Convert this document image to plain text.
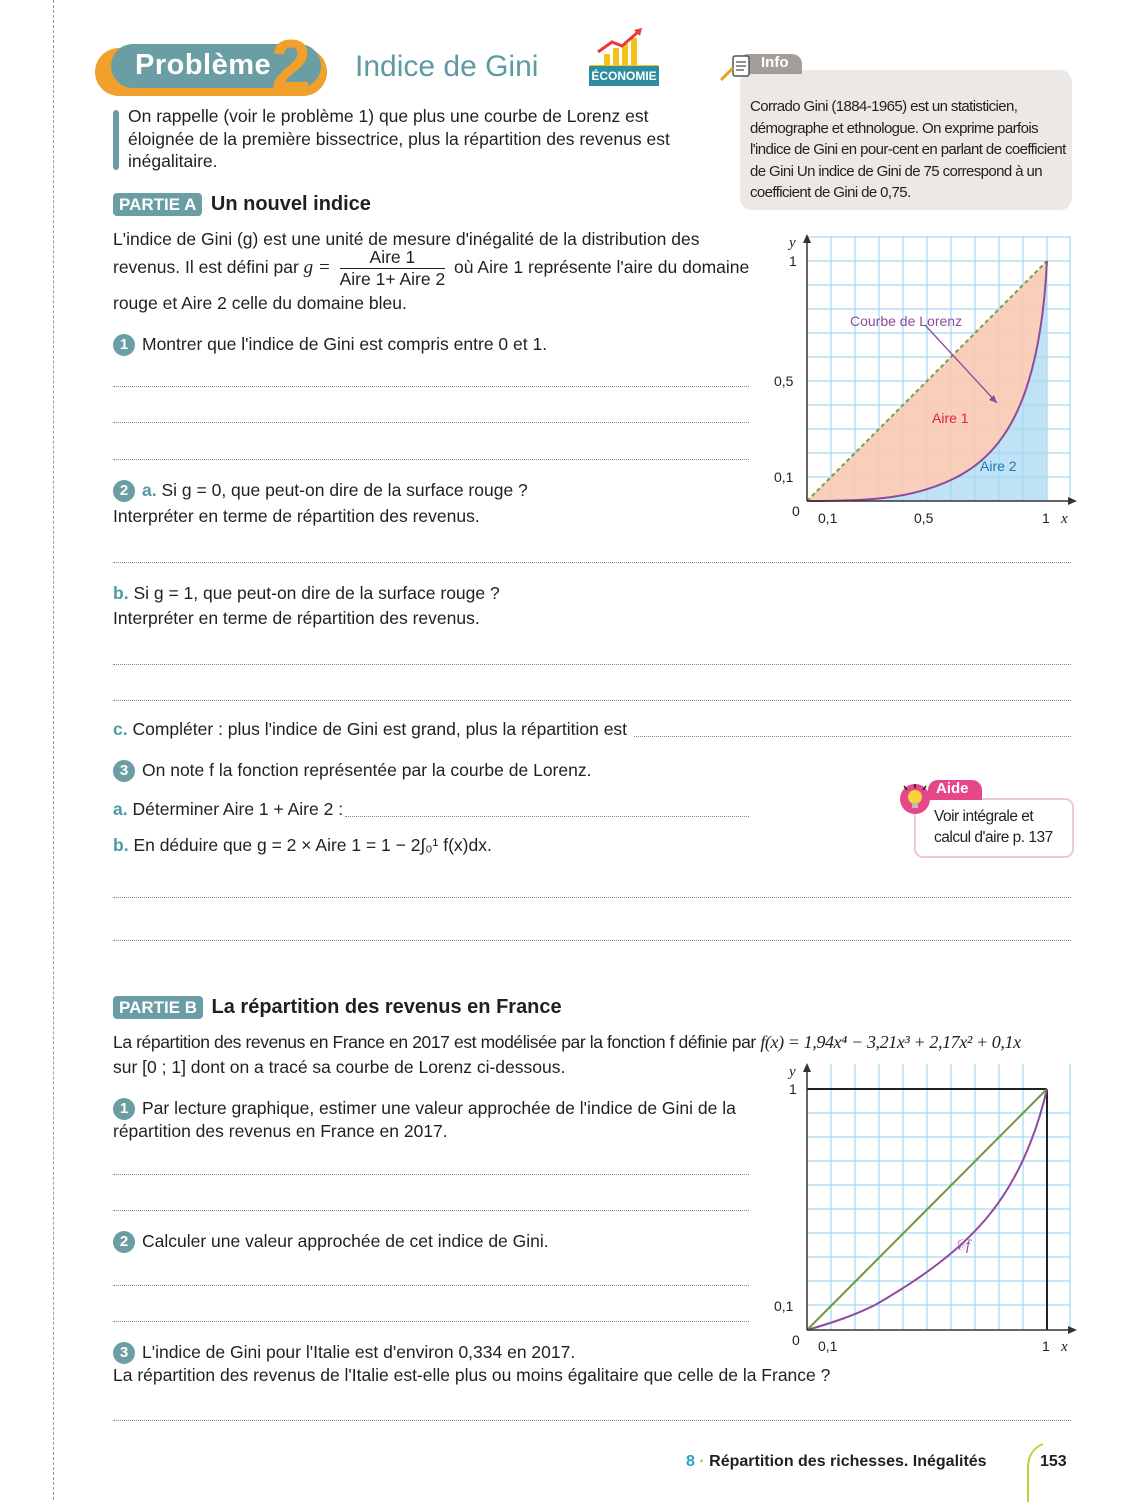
Problème 2 Indice de Gini	ÉCONOMIE
On rappelle (voir le problème 1) que plus une courbe de Lorenz est éloignée de la première bissectrice, plus la répartition des revenus est inégalitaire.
Info
Corrado Gini (1884-1965) est un statisticien, démographe et ethnologue. On exprime parfois l'indice de Gini en pour-cent en parlant de coefficient de Gini Un indice de Gini de 75 correspond à un coefficient de Gini de 0,75.
PARTIE A Un nouvel indice
L'indice de Gini (g) est une unité de mesure d'inégalité de la distribution des
revenus. Il est défini par $g = \frac{\text{Aire 1}}{\text{Aire 1+ Aire 2}}$ où Aire 1 représente l'aire du domaine
rouge et Aire 2 celle du domaine bleu.
1 Montrer que l'indice de Gini est compris entre 0 et 1.
2 a. Si g = 0, que peut-on dire de la surface rouge ?
Interpréter en terme de répartition des revenus.
b. Si g = 1, que peut-on dire de la surface rouge ?
Interpréter en terme de répartition des revenus.
c. Compléter : plus l'indice de Gini est grand, plus la répartition est
3 On note f la fonction représentée par la courbe de Lorenz.
a. Déterminer Aire 1 + Aire 2 :
b. En déduire que g = 2 × Aire 1 = 1 − 2∫₀¹ f(x)dx.
Aide
Voir intégrale et calcul d'aire p. 137
y
x
0 0,1	0,5	1
0,1
0,5
1
Courbe de Lorenz
Aire 1
Aire 2
PARTIE B La répartition des revenus en France
La répartition des revenus en France en 2017 est modélisée par la fonction f définie par f(x) = 1,94x⁴ − 3,21x³ + 2,17x² + 0,1x
sur [0 ; 1] dont on a tracé sa courbe de Lorenz ci-dessous.
1 Par lecture graphique, estimer une valeur approchée de l'indice de Gini de la répartition des revenus en France en 2017.
2 Calculer une valeur approchée de cet indice de Gini.
3 L'indice de Gini pour l'Italie est d'environ 0,334 en 2017.
La répartition des revenus de l'Italie est-elle plus ou moins égalitaire que celle de la France ?
y
x
0 0,1	1
0,1
1
𝒞f
8 · Répartition des richesses. Inégalités	153
